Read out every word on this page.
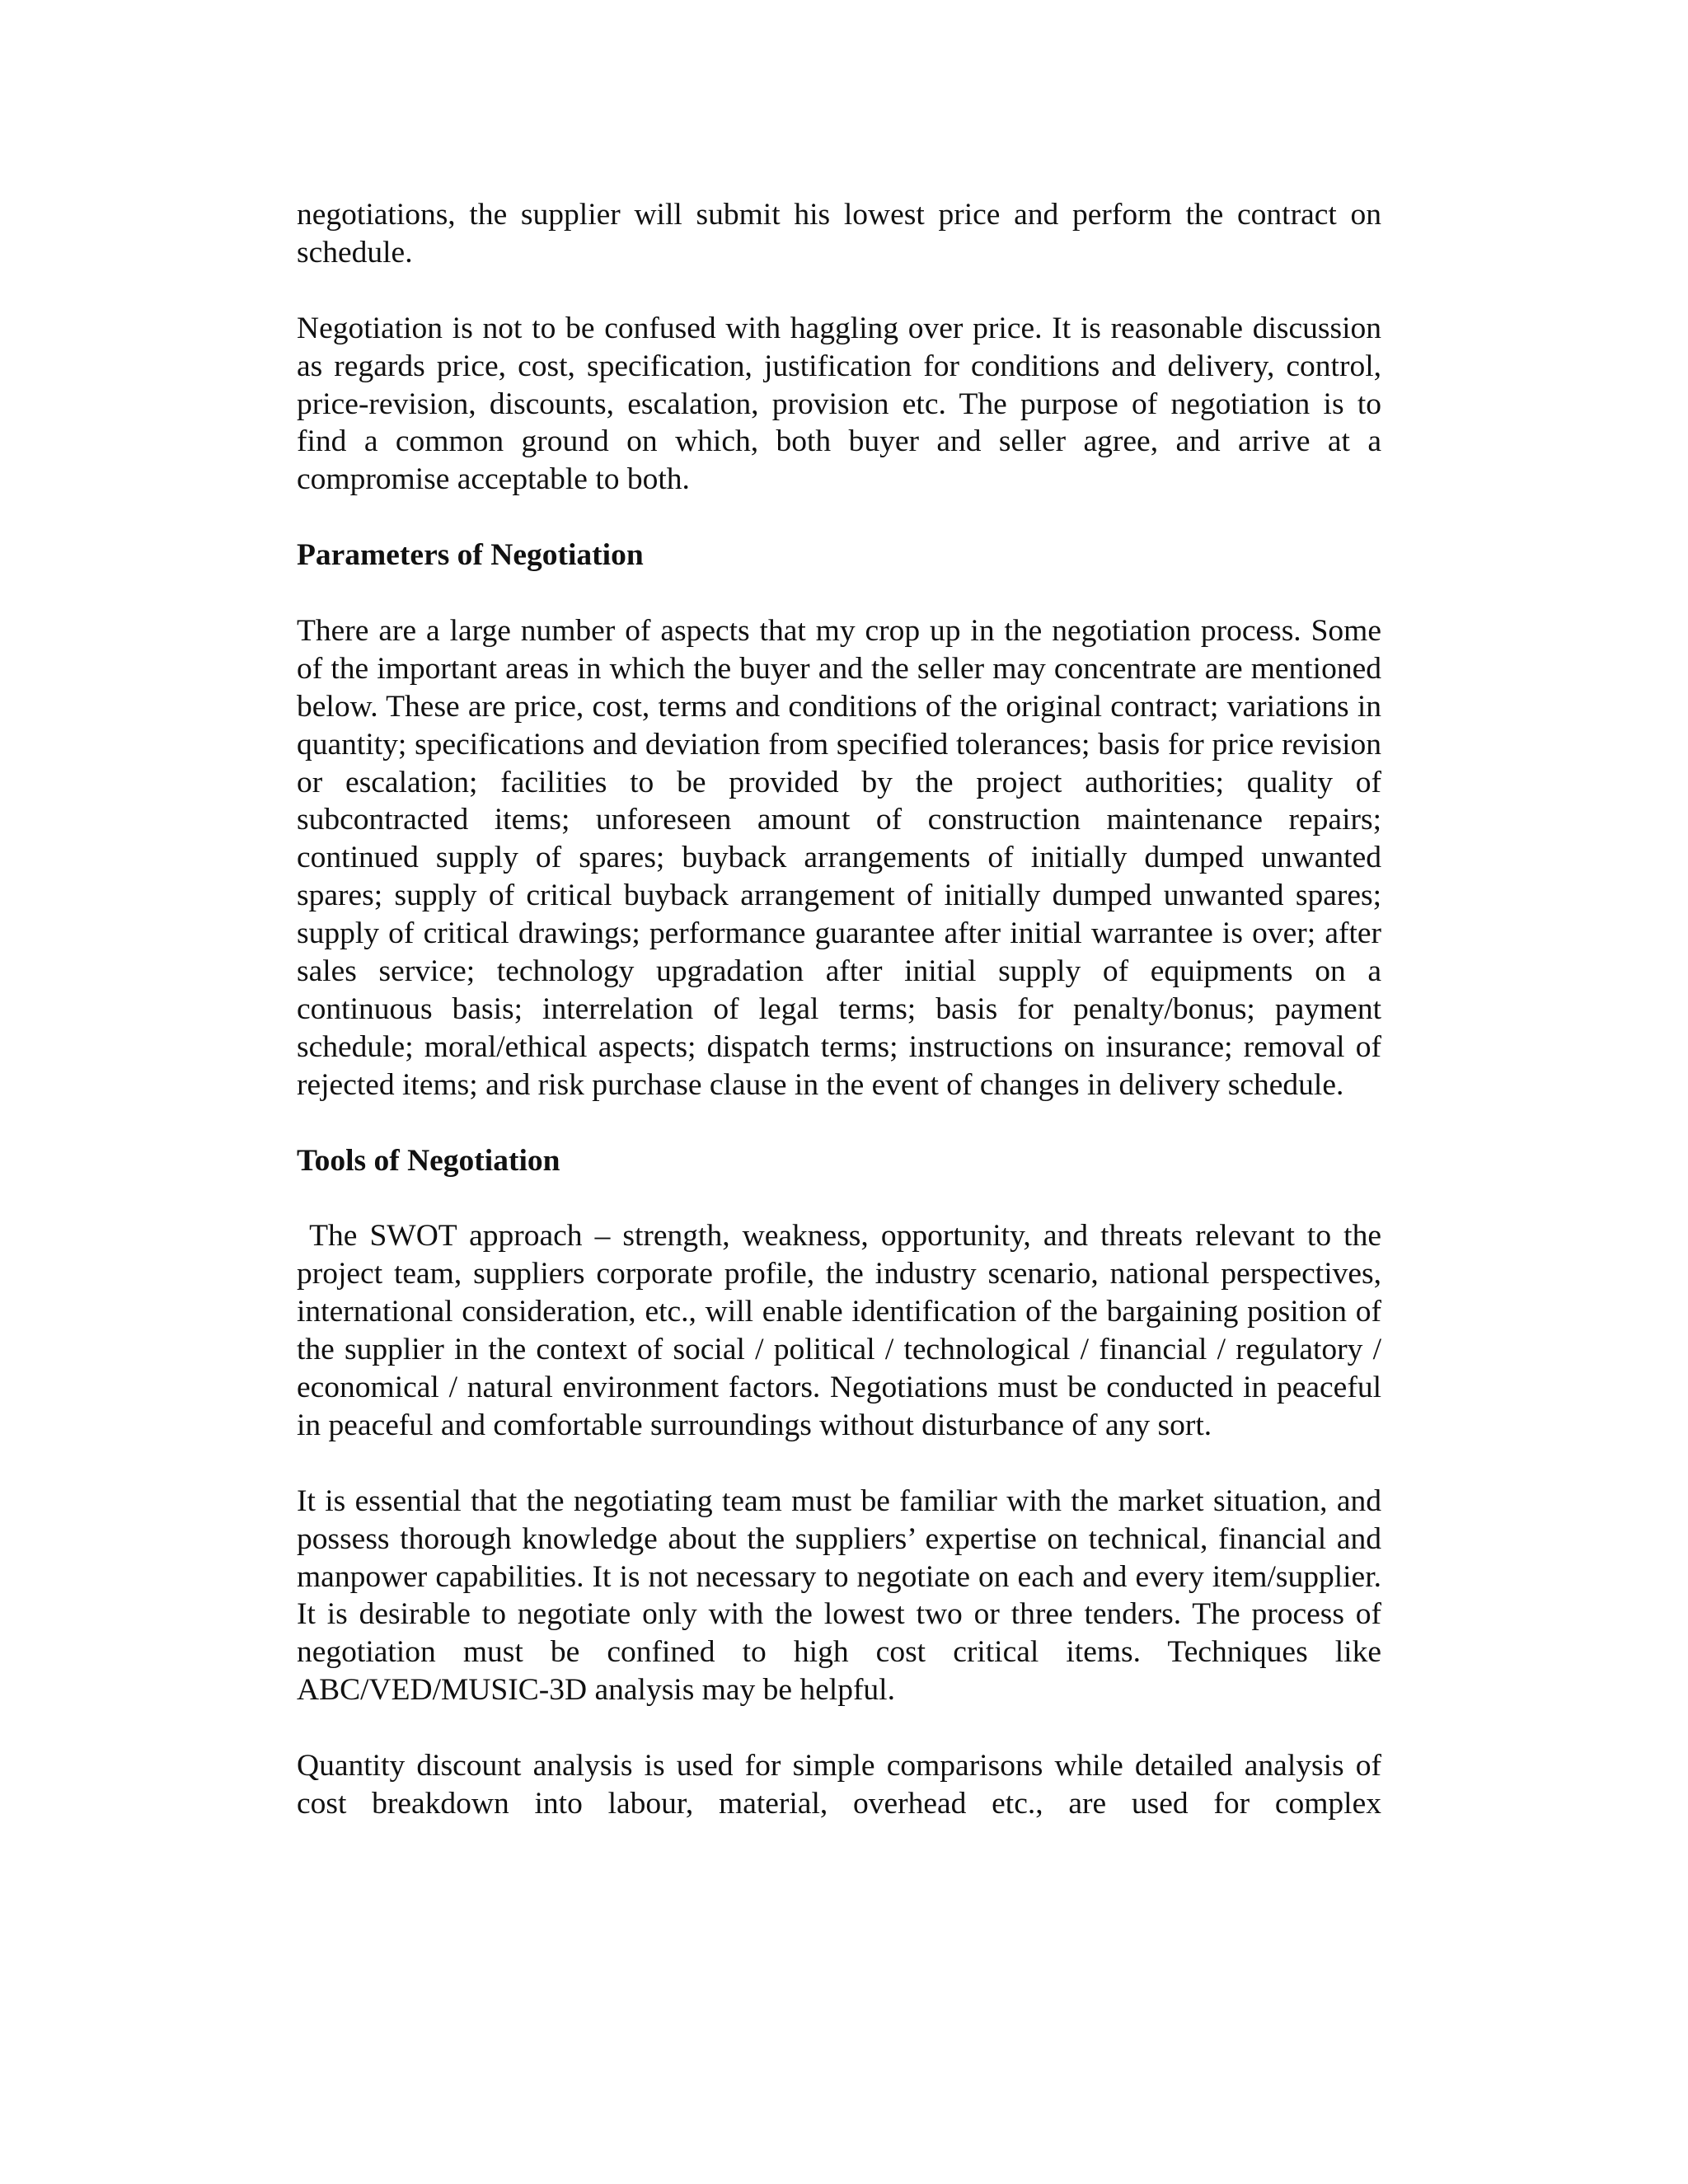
negotiations, the supplier will submit his lowest price and perform the contract on schedule.

Negotiation is not to be confused with haggling over price. It is reasonable discussion as regards price, cost, specification, justification for conditions and delivery, control, price-revision, discounts, escalation, provision etc. The purpose of negotiation is to find a common ground on which, both buyer and seller agree, and arrive at a compromise acceptable to both.

Parameters of Negotiation

There are a large number of aspects that my crop up in the negotiation process. Some of the important areas in which the buyer and the seller may concentrate are mentioned below. These are price, cost, terms and conditions of the original contract; variations in quantity; specifications and deviation from specified tolerances; basis for price revision or escalation; facilities to be provided by the project authorities; quality of subcontracted items; unforeseen amount of construction maintenance repairs; continued supply of spares; buyback arrangements of initially dumped unwanted spares; supply of critical buyback arrangement of initially dumped unwanted spares; supply of critical drawings; performance guarantee after initial warrantee is over; after sales service; technology upgradation after initial supply of equipments on a continuous basis; interrelation of legal terms; basis for penalty/bonus; payment schedule; moral/ethical aspects; dispatch terms; instructions on insurance; removal of rejected items; and risk purchase clause in the event of changes in delivery schedule.

Tools of Negotiation

The SWOT approach – strength, weakness, opportunity, and threats relevant to the project team, suppliers corporate profile, the industry scenario, national perspectives, international consideration, etc., will enable identification of the bargaining position of the supplier in the context of social / political / technological / financial / regulatory / economical / natural environment factors. Negotiations must be conducted in peaceful in peaceful and comfortable surroundings without disturbance of any sort.

It is essential that the negotiating team must be familiar with the market situation, and possess thorough knowledge about the suppliers’ expertise on technical, financial and manpower capabilities. It is not necessary to negotiate on each and every item/supplier. It is desirable to negotiate only with the lowest two or three tenders. The process of negotiation must be confined to high cost critical items. Techniques like ABC/VED/MUSIC-3D analysis may be helpful.

Quantity discount analysis is used for simple comparisons while detailed analysis of cost breakdown into labour, material, overhead etc., are used for complex
